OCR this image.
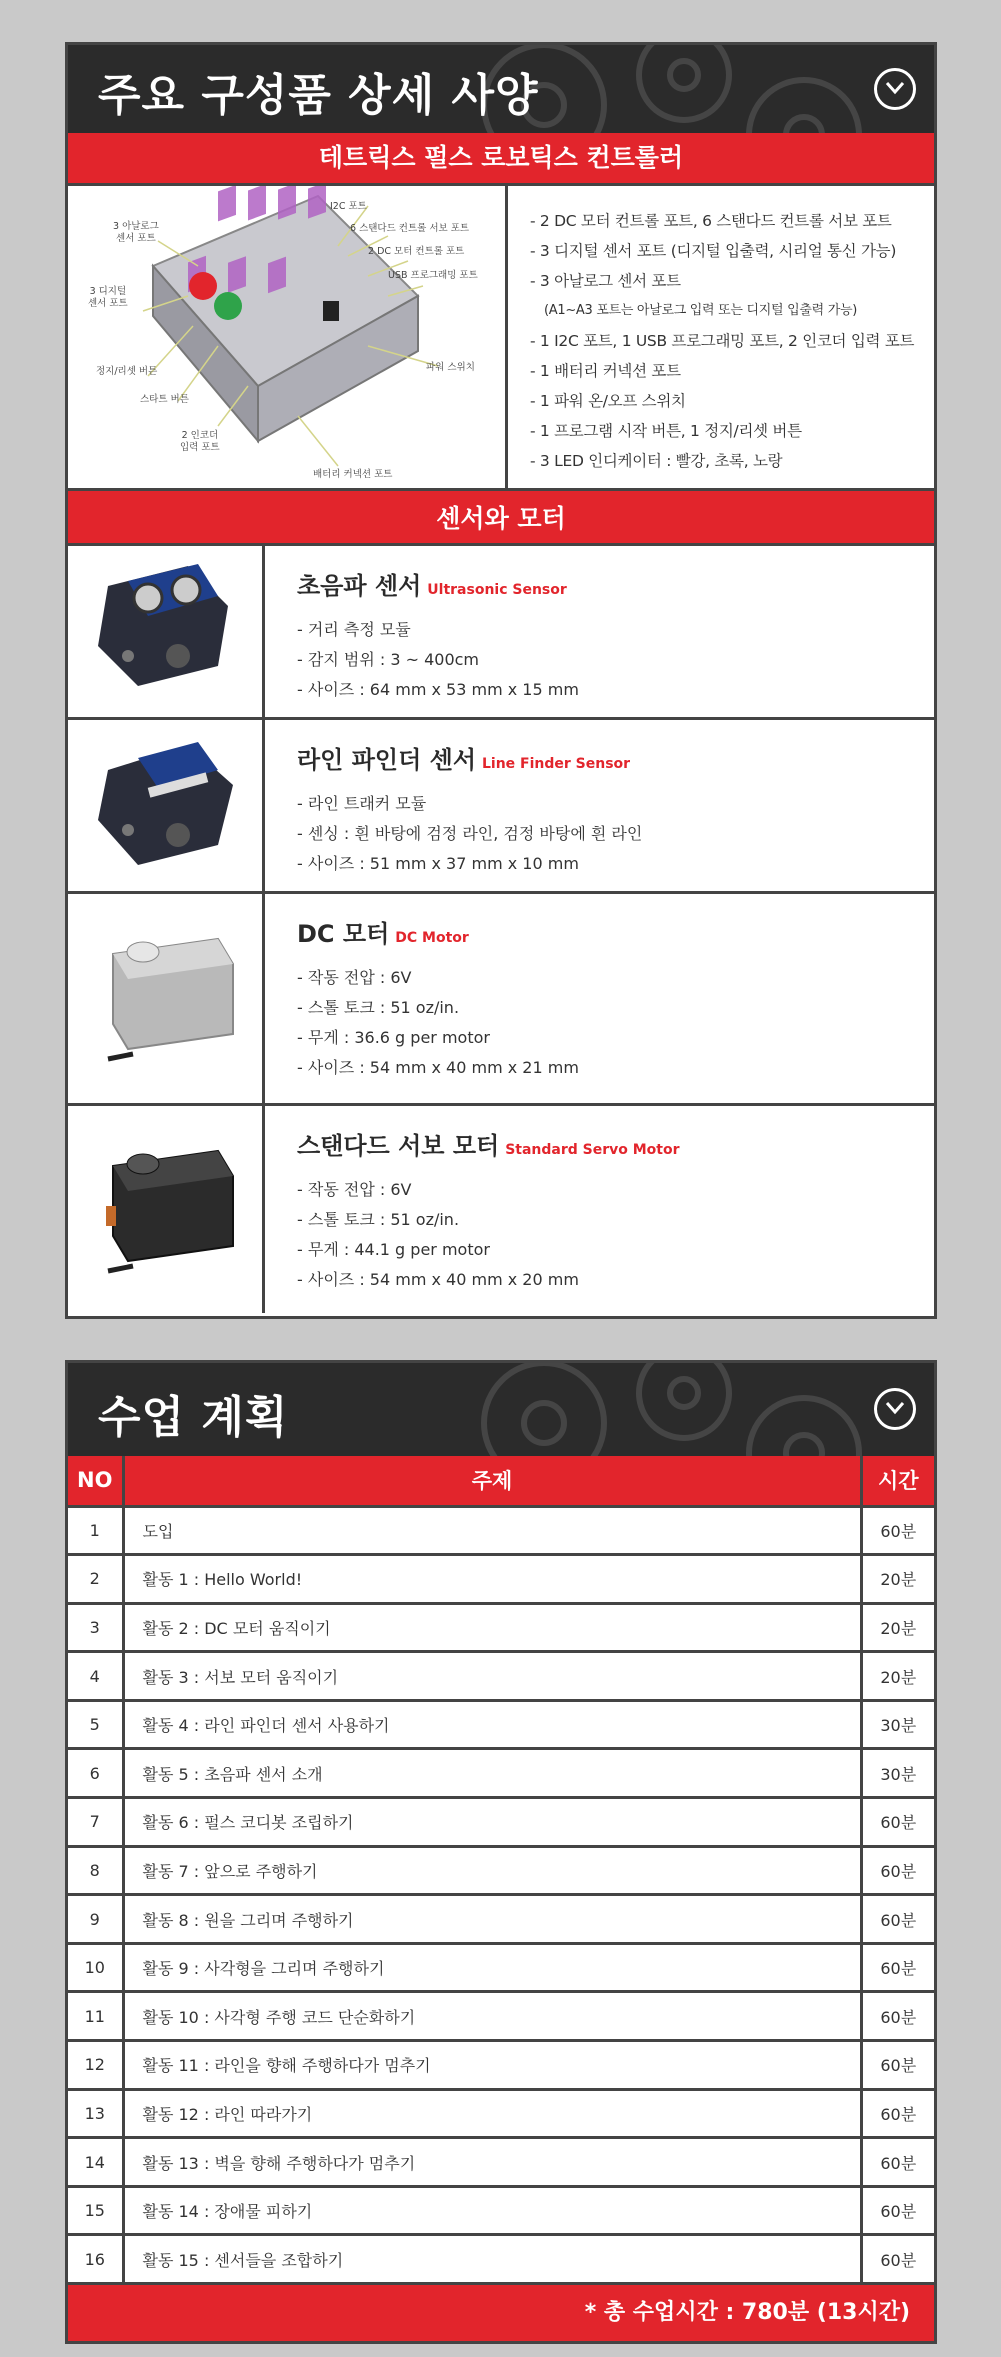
주요 구성품 상세 사양
테트릭스 펄스 로보틱스 컨트롤러
I2C 포트
6 스탠다드 컨트롤 서보 포트
2 DC 모터 컨트롤 포트
USB 프로그래밍 포트
3 아날로그
센서 포트
3 디지털
센서 포트
정지/리셋 버튼
스타트 버튼
2 인코더
입력 포트
배터리 커넥션 포트
파워 스위치
- 2 DC 모터 컨트롤 포트, 6 스탠다드 컨트롤 서보 포트
- 3 디지털 센서 포트 (디지털 입출력, 시리얼 통신 가능)
- 3 아날로그 센서 포트
(A1~A3 포트는 아날로그 입력 또는 디지털 입출력 가능)
- 1 I2C 포트, 1 USB 프로그래밍 포트, 2 인코더 입력 포트
- 1 배터리 커넥션 포트
- 1 파워 온/오프 스위치
- 1 프로그램 시작 버튼, 1 정지/리셋 버튼
- 3 LED 인디케이터 : 빨강, 초록, 노랑
센서와 모터
초음파 센서 Ultrasonic Sensor
- 거리 측정 모듈
- 감지 범위 : 3 ~ 400cm
- 사이즈 : 64 mm x 53 mm x 15 mm
라인 파인더 센서 Line Finder Sensor
- 라인 트래커 모듈
- 센싱 : 흰 바탕에 검정 라인, 검정 바탕에 흰 라인
- 사이즈 : 51 mm x 37 mm x 10 mm
DC 모터 DC Motor
- 작동 전압 : 6V
- 스톨 토크 : 51 oz/in.
- 무게 : 36.6 g per motor
- 사이즈 : 54 mm x 40 mm x 21 mm
스탠다드 서보 모터 Standard Servo Motor
- 작동 전압 : 6V
- 스톨 토크 : 51 oz/in.
- 무게 : 44.1 g per motor
- 사이즈 : 54 mm x 40 mm x 20 mm
수업 계획
NO	주제	시간
1	도입	60분
2	활동 1 : Hello World!	20분
3	활동 2 : DC 모터 움직이기	20분
4	활동 3 : 서보 모터 움직이기	20분
5	활동 4 : 라인 파인더 센서 사용하기	30분
6	활동 5 : 초음파 센서 소개	30분
7	활동 6 : 펄스 코디봇 조립하기	60분
8	활동 7 : 앞으로 주행하기	60분
9	활동 8 : 원을 그리며 주행하기	60분
10	활동 9 : 사각형을 그리며 주행하기	60분
11	활동 10 : 사각형 주행 코드 단순화하기	60분
12	활동 11 : 라인을 향해 주행하다가 멈추기	60분
13	활동 12 : 라인 따라가기	60분
14	활동 13 : 벽을 향해 주행하다가 멈추기	60분
15	활동 14 : 장애물 피하기	60분
16	활동 15 : 센서들을 조합하기	60분
* 총 수업시간 : 780분 (13시간)
